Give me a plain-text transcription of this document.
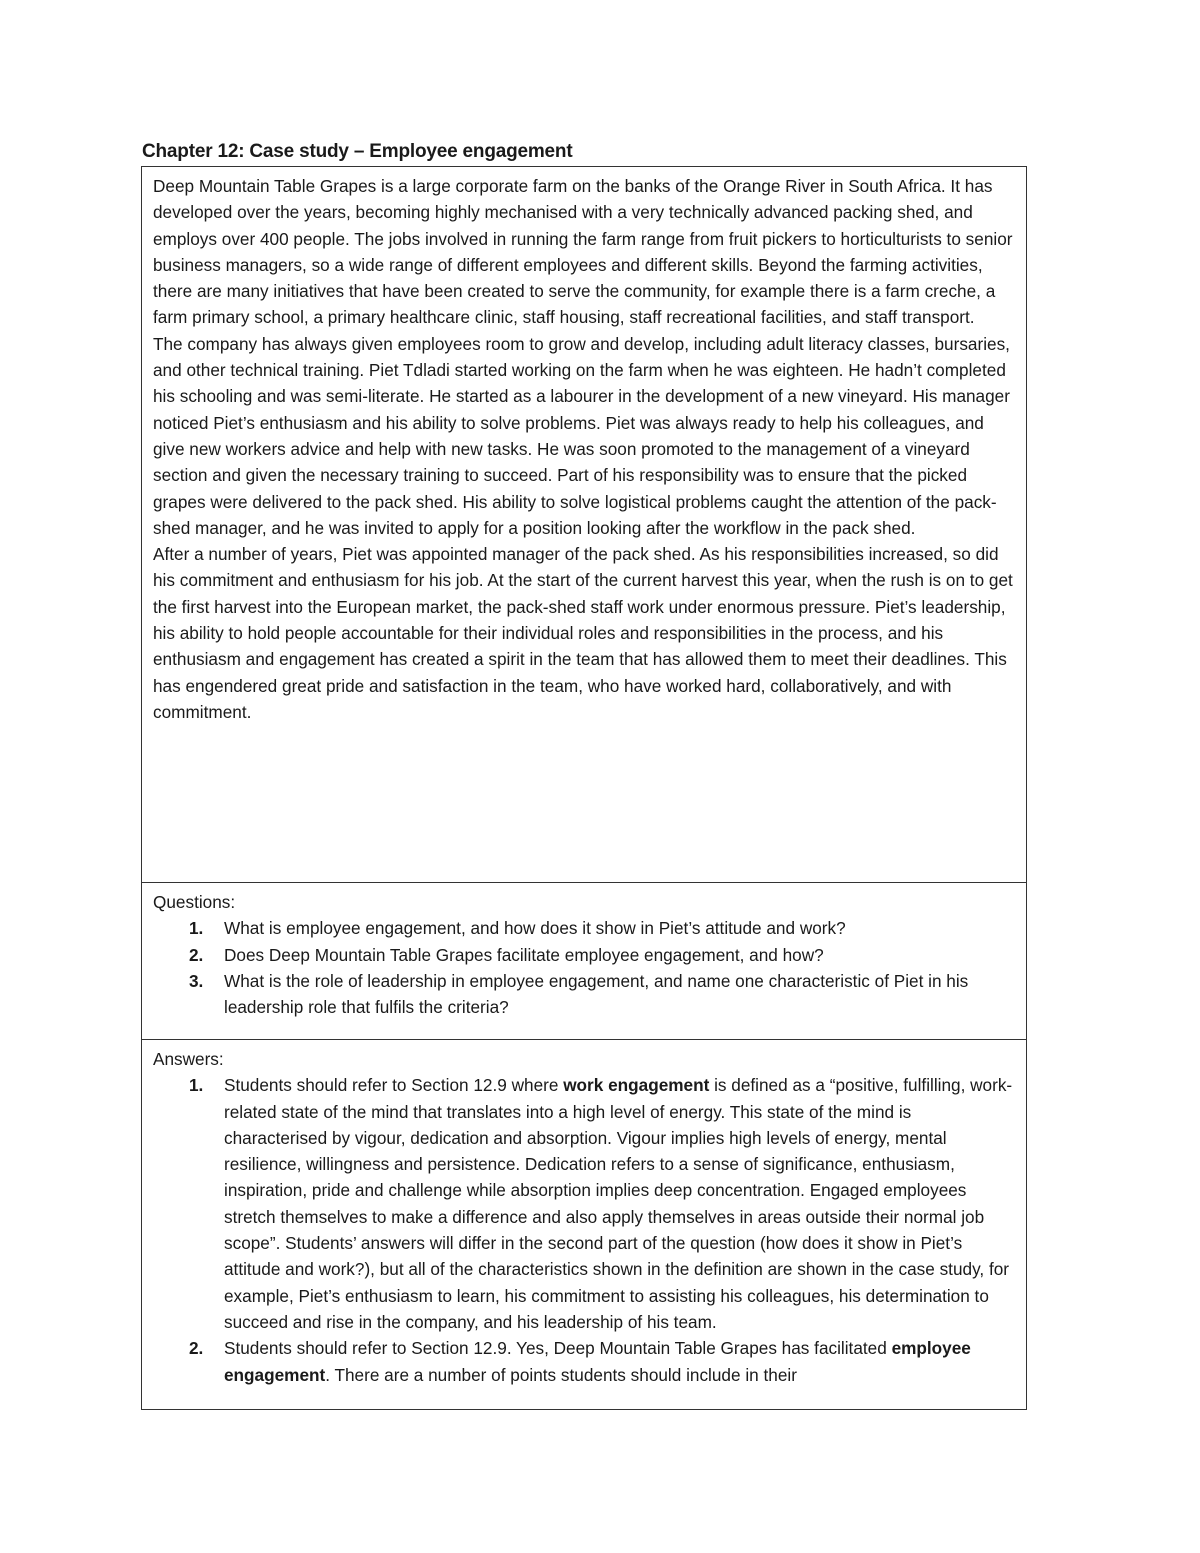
Chapter 12: Case study – Employee engagement

Deep Mountain Table Grapes is a large corporate farm on the banks of the Orange River in South Africa. It has developed over the years, becoming highly mechanised with a very technically advanced packing shed, and employs over 400 people. The jobs involved in running the farm range from fruit pickers to horticulturists to senior business managers, so a wide range of different employees and different skills. Beyond the farming activities, there are many initiatives that have been created to serve the community, for example there is a farm creche, a farm primary school, a primary healthcare clinic, staff housing, staff recreational facilities, and staff transport.

The company has always given employees room to grow and develop, including adult literacy classes, bursaries, and other technical training. Piet Tdladi started working on the farm when he was eighteen. He hadn’t completed his schooling and was semi-literate. He started as a labourer in the development of a new vineyard. His manager noticed Piet’s enthusiasm and his ability to solve problems. Piet was always ready to help his colleagues, and give new workers advice and help with new tasks. He was soon promoted to the management of a vineyard section and given the necessary training to succeed. Part of his responsibility was to ensure that the picked grapes were delivered to the pack shed. His ability to solve logistical problems caught the attention of the pack-shed manager, and he was invited to apply for a position looking after the workflow in the pack shed.

After a number of years, Piet was appointed manager of the pack shed. As his responsibilities increased, so did his commitment and enthusiasm for his job. At the start of the current harvest this year, when the rush is on to get the first harvest into the European market, the pack-shed staff work under enormous pressure. Piet’s leadership, his ability to hold people accountable for their individual roles and responsibilities in the process, and his enthusiasm and engagement has created a spirit in the team that has allowed them to meet their deadlines. This has engendered great pride and satisfaction in the team, who have worked hard, collaboratively, and with commitment.

Questions:

1. What is employee engagement, and how does it show in Piet’s attitude and work?
2. Does Deep Mountain Table Grapes facilitate employee engagement, and how?
3. What is the role of leadership in employee engagement, and name one characteristic of Piet in his leadership role that fulfils the criteria?

Answers:

1. Students should refer to Section 12.9 where work engagement is defined as a “positive, fulfilling, work-related state of the mind that translates into a high level of energy. This state of the mind is characterised by vigour, dedication and absorption. Vigour implies high levels of energy, mental resilience, willingness and persistence. Dedication refers to a sense of significance, enthusiasm, inspiration, pride and challenge while absorption implies deep concentration. Engaged employees stretch themselves to make a difference and also apply themselves in areas outside their normal job scope”. Students’ answers will differ in the second part of the question (how does it show in Piet’s attitude and work?), but all of the characteristics shown in the definition are shown in the case study, for example, Piet’s enthusiasm to learn, his commitment to assisting his colleagues, his determination to succeed and rise in the company, and his leadership of his team.
2. Students should refer to Section 12.9. Yes, Deep Mountain Table Grapes has facilitated employee engagement. There are a number of points students should include in their
